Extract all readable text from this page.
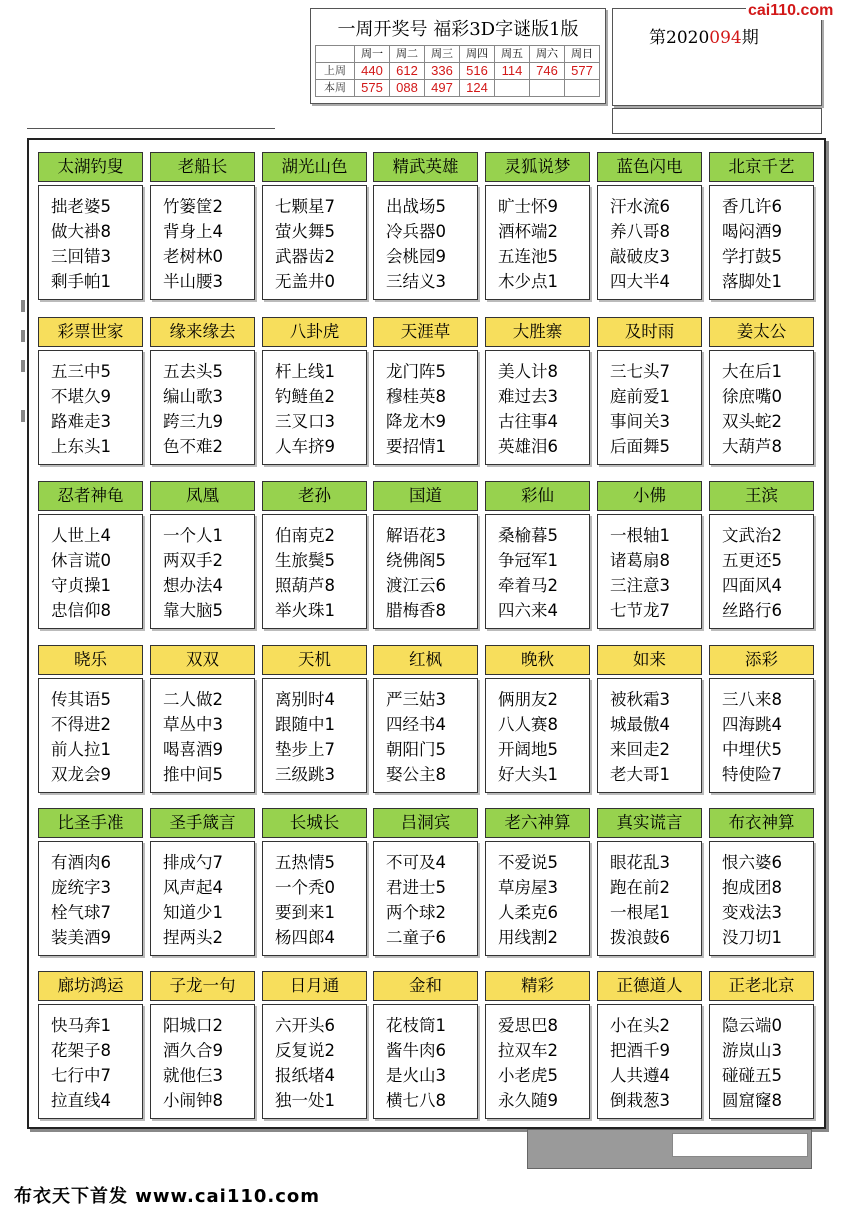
一周开奖号 福彩3D字谜版1版
	周一	周二	周三	周四	周五	周六	周日
上周	440	612	336	516	114	746	577
本周	575	088	497	124			
第2020094期
cai110.com
太湖钓叟
拙老婆5
做大褂8
三回错3
剩手帕1
老船长
竹篓筐2
背身上4
老树林0
半山腰3
湖光山色
七颗星7
萤火舞5
武器齿2
无盖井0
精武英雄
出战场5
冷兵器0
会桃园9
三结义3
灵狐说梦
旷士怀9
酒杯端2
五连池5
木少点1
蓝色闪电
汗水流6
养八哥8
敲破皮3
四大半4
北京千艺
香几许6
喝闷酒9
学打鼓5
落脚处1
彩票世家
五三中5
不堪久9
路难走3
上东头1
缘来缘去
五去头5
编山歌3
跨三九9
色不难2
八卦虎
杆上线1
钓鲢鱼2
三叉口3
人车挤9
天涯草
龙门阵5
穆桂英8
降龙木9
要招情1
大胜寨
美人计8
难过去3
古往事4
英雄泪6
及时雨
三七头7
庭前爱1
事间关3
后面舞5
姜太公
大在后1
徐庶嘴0
双头蛇2
大葫芦8
忍者神龟
人世上4
休言谎0
守贞操1
忠信仰8
凤凰
一个人1
两双手2
想办法4
靠大脑5
老孙
伯南克2
生旅鬓5
照葫芦8
举火珠1
国道
解语花3
绕佛阁5
渡江云6
腊梅香8
彩仙
桑榆暮5
争冠军1
牵着马2
四六来4
小佛
一根轴1
诸葛扇8
三注意3
七节龙7
王滨
文武治2
五更还5
四面风4
丝路行6
晓乐
传其语5
不得进2
前人拉1
双龙会9
双双
二人做2
草丛中3
喝喜酒9
推中间5
天机
离别时4
跟随中1
垫步上7
三级跳3
红枫
严三姑3
四经书4
朝阳门5
娶公主8
晚秋
俩朋友2
八人赛8
开阔地5
好大头1
如来
被秋霜3
城最傲4
来回走2
老大哥1
添彩
三八来8
四海跳4
中埋伏5
特使险7
比圣手准
有酒肉6
庞统字3
栓气球7
装美酒9
圣手箴言
排成勺7
风声起4
知道少1
捏两头2
长城长
五热情5
一个秃0
要到来1
杨四郎4
吕洞宾
不可及4
君进士5
两个球2
二童子6
老六神算
不爱说5
草房屋3
人柔克6
用线割2
真实谎言
眼花乱3
跑在前2
一根尾1
拨浪鼓6
布衣神算
恨六婆6
抱成团8
变戏法3
没刀切1
廊坊鸿运
快马奔1
花架子8
七行中7
拉直线4
子龙一句
阳城口2
酒久合9
就他仨3
小闹钟8
日月通
六开头6
反复说2
报纸堵4
独一处1
金和
花枝筒1
酱牛肉6
是火山3
横七八8
精彩
爱思巴8
拉双车2
小老虎5
永久随9
正德道人
小在头2
把酒千9
人共遵4
倒栽葱3
正老北京
隐云端0
游岚山3
碰碰五5
圆窟窿8
布衣天下首发 www.cai110.com
